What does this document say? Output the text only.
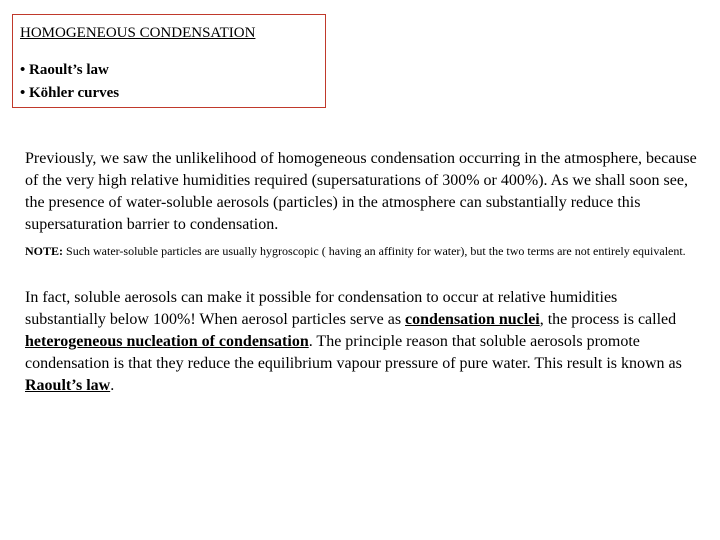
HOMOGENEOUS CONDENSATION

• Raoult’s law
• Köhler curves

Previously, we saw the unlikelihood of homogeneous condensation occurring in the atmosphere, because of the very high relative humidities required (supersaturations of 300% or 400%). As we shall soon see, the presence of water-soluble aerosols (particles) in the atmosphere can substantially reduce this supersaturation barrier to condensation.

NOTE: Such water-soluble particles are usually hygroscopic ( having an affinity for water), but the two terms are not entirely equivalent.

In fact, soluble aerosols can make it possible for condensation to occur at relative humidities substantially below 100%! When aerosol particles serve as condensation nuclei, the process is called heterogeneous nucleation of condensation. The principle reason that soluble aerosols promote condensation is that they reduce the equilibrium vapour pressure of pure water. This result is known as Raoult’s law.
